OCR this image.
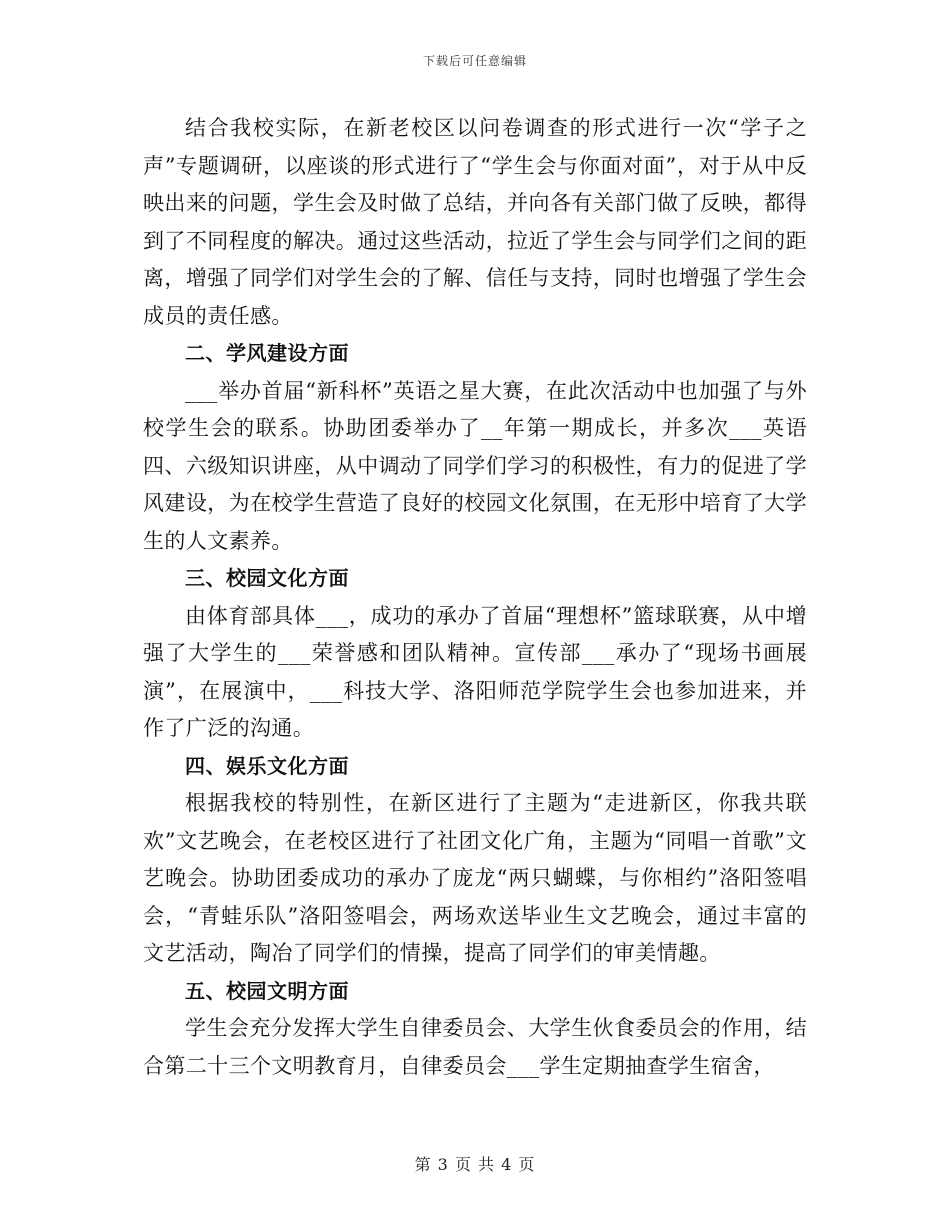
下载后可任意编辑

结合我校实际，在新老校区以问卷调查的形式进行一次“学子之声”专题调研，以座谈的形式进行了“学生会与你面对面”，对于从中反映出来的问题，学生会及时做了总结，并向各有关部门做了反映，都得到了不同程度的解决。通过这些活动，拉近了学生会与同学们之间的距离，增强了同学们对学生会的了解、信任与支持，同时也增强了学生会成员的责任感。

二、学风建设方面

___举办首届“新科杯”英语之星大赛，在此次活动中也加强了与外校学生会的联系。协助团委举办了__年第一期成长，并多次___英语四、六级知识讲座，从中调动了同学们学习的积极性，有力的促进了学风建设，为在校学生营造了良好的校园文化氛围，在无形中培育了大学生的人文素养。

三、校园文化方面

由体育部具体___，成功的承办了首届“理想杯”篮球联赛，从中增强了大学生的___荣誉感和团队精神。宣传部___承办了“现场书画展演”，在展演中，___科技大学、洛阳师范学院学生会也参加进来，并作了广泛的沟通。

四、娱乐文化方面

根据我校的特别性，在新区进行了主题为“走进新区，你我共联欢”文艺晚会，在老校区进行了社团文化广角，主题为“同唱一首歌”文艺晚会。协助团委成功的承办了庞龙“两只蝴蝶，与你相约”洛阳签唱会，“青蛙乐队”洛阳签唱会，两场欢送毕业生文艺晚会，通过丰富的文艺活动，陶冶了同学们的情操，提高了同学们的审美情趣。

五、校园文明方面

学生会充分发挥大学生自律委员会、大学生伙食委员会的作用，结合第二十三个文明教育月，自律委员会___学生定期抽查学生宿舍，

第 3 页 共 4 页
